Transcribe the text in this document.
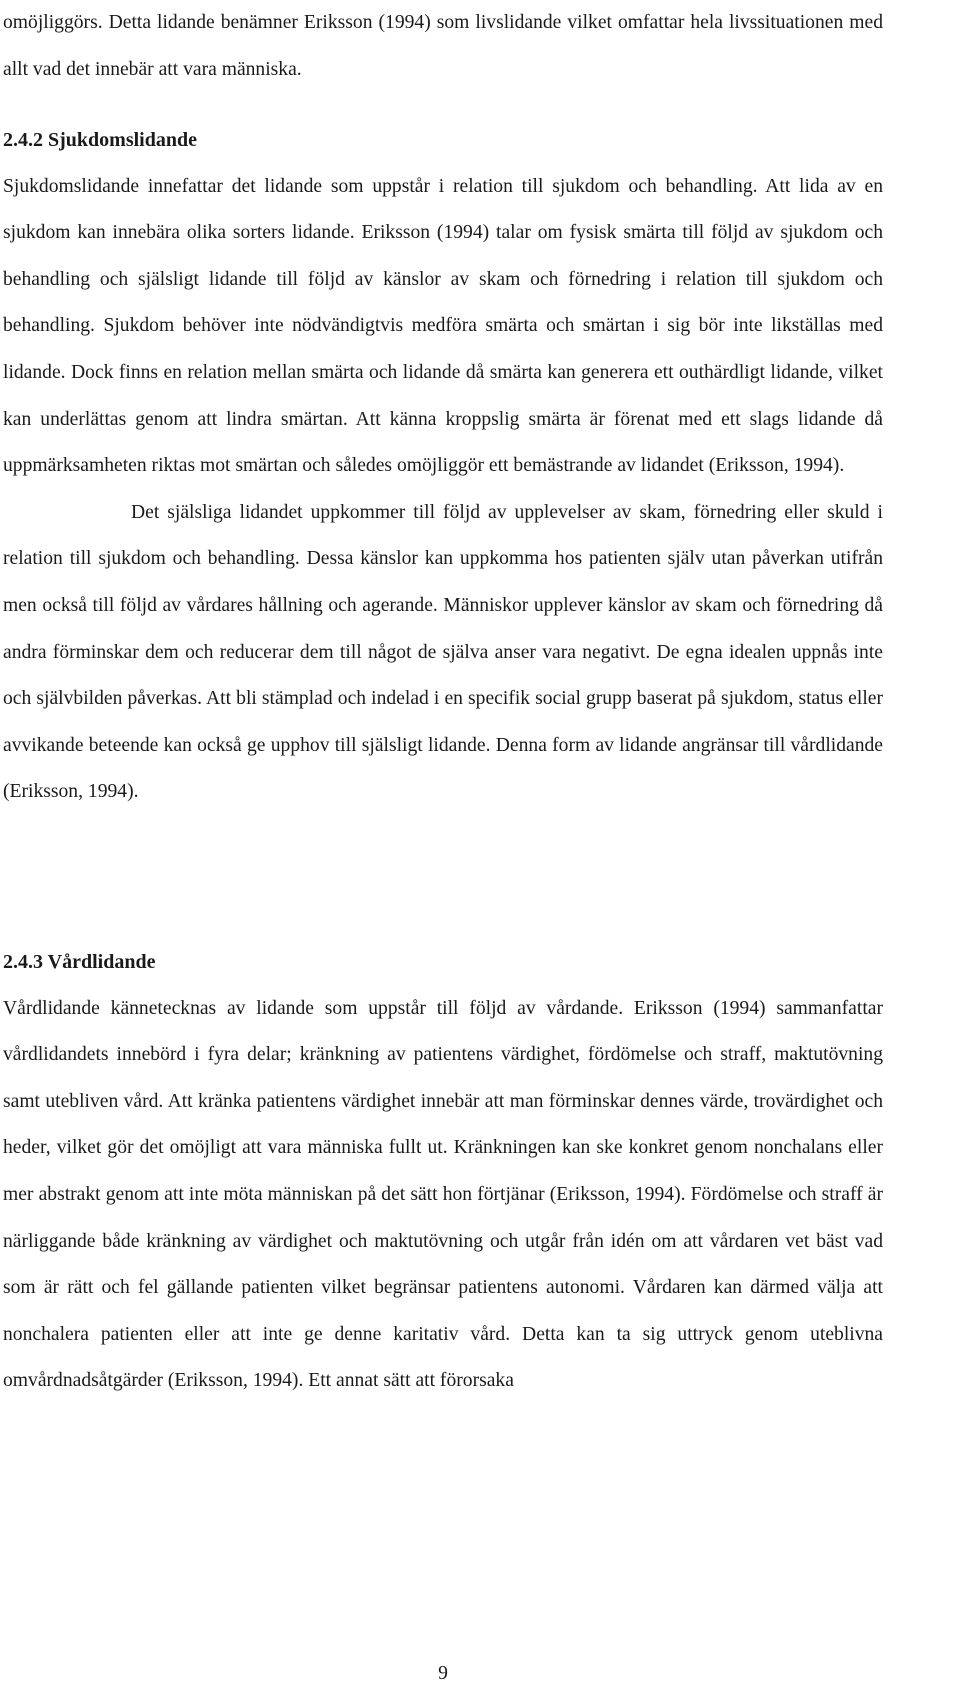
omöjliggörs. Detta lidande benämner Eriksson (1994) som livslidande vilket omfattar hela livssituationen med allt vad det innebär att vara människa.

2.4.2 Sjukdomslidande

Sjukdomslidande innefattar det lidande som uppstår i relation till sjukdom och behandling. Att lida av en sjukdom kan innebära olika sorters lidande. Eriksson (1994) talar om fysisk smärta till följd av sjukdom och behandling och själsligt lidande till följd av känslor av skam och förnedring i relation till sjukdom och behandling. Sjukdom behöver inte nödvändigtvis medföra smärta och smärtan i sig bör inte likställas med lidande. Dock finns en relation mellan smärta och lidande då smärta kan generera ett outhärdligt lidande, vilket kan underlättas genom att lindra smärtan. Att känna kroppslig smärta är förenat med ett slags lidande då uppmärksamheten riktas mot smärtan och således omöjliggör ett bemästrande av lidandet (Eriksson, 1994).

Det själsliga lidandet uppkommer till följd av upplevelser av skam, förnedring eller skuld i relation till sjukdom och behandling. Dessa känslor kan uppkomma hos patienten själv utan påverkan utifrån men också till följd av vårdares hållning och agerande. Människor upplever känslor av skam och förnedring då andra förminskar dem och reducerar dem till något de själva anser vara negativt. De egna idealen uppnås inte och självbilden påverkas. Att bli stämplad och indelad i en specifik social grupp baserat på sjukdom, status eller avvikande beteende kan också ge upphov till själsligt lidande. Denna form av lidande angränsar till vårdlidande (Eriksson, 1994).

2.4.3 Vårdlidande

Vårdlidande kännetecknas av lidande som uppstår till följd av vårdande. Eriksson (1994) sammanfattar vårdlidandets innebörd i fyra delar; kränkning av patientens värdighet, fördömelse och straff, maktutövning samt utebliven vård. Att kränka patientens värdighet innebär att man förminskar dennes värde, trovärdighet och heder, vilket gör det omöjligt att vara människa fullt ut. Kränkningen kan ske konkret genom nonchalans eller mer abstrakt genom att inte möta människan på det sätt hon förtjänar (Eriksson, 1994). Fördömelse och straff är närliggande både kränkning av värdighet och maktutövning och utgår från idén om att vårdaren vet bäst vad som är rätt och fel gällande patienten vilket begränsar patientens autonomi. Vårdaren kan därmed välja att nonchalera patienten eller att inte ge denne karitativ vård. Detta kan ta sig uttryck genom uteblivna omvårdnadsåtgärder (Eriksson, 1994). Ett annat sätt att förorsaka

9
